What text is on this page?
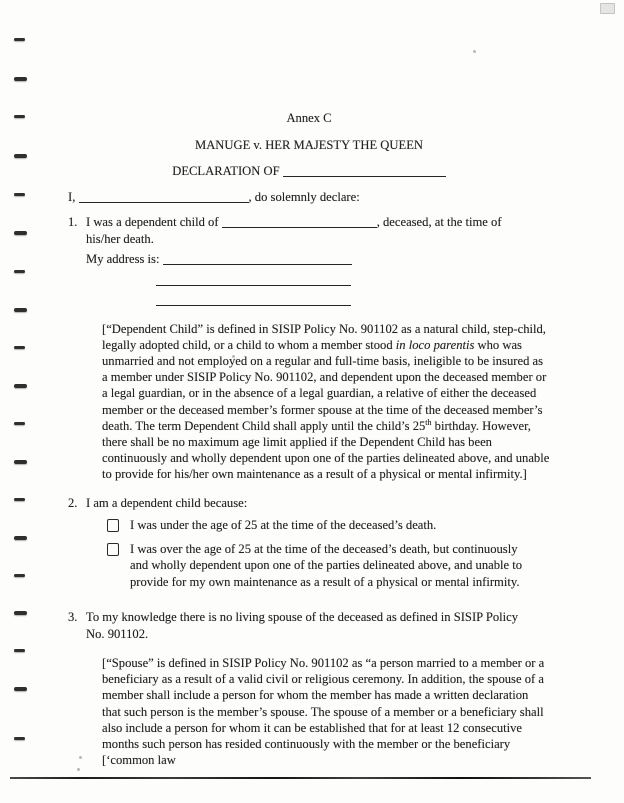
Annex C

MANUGE v. HER MAJESTY THE QUEEN

DECLARATION OF

I,	, do solemnly declare:

1. I was a dependent child of	, deceased, at the time of his/her death.
My address is:

[“Dependent Child” is defined in SISIP Policy No. 901102 as a natural child, step-child, legally adopted child, or a child to whom a member stood in loco parentis who was unmarried and not employed on a regular and full-time basis, ineligible to be insured as a member under SISIP Policy No. 901102, and dependent upon the deceased member or a legal guardian, or in the absence of a legal guardian, a relative of either the deceased member or the deceased member’s former spouse at the time of the deceased member’s death. The term Dependent Child shall apply until the child’s 25th birthday. However, there shall be no maximum age limit applied if the Dependent Child has been continuously and wholly dependent upon one of the parties delineated above, and unable to provide for his/her own maintenance as a result of a physical or mental infirmity.]

2. I am a dependent child because:
I was under the age of 25 at the time of the deceased’s death.
I was over the age of 25 at the time of the deceased’s death, but continuously and wholly dependent upon one of the parties delineated above, and unable to provide for my own maintenance as a result of a physical or mental infirmity.
3. To my knowledge there is no living spouse of the deceased as defined in SISIP Policy No. 901102.

[“Spouse” is defined in SISIP Policy No. 901102 as “a person married to a member or a beneficiary as a result of a valid civil or religious ceremony. In addition, the spouse of a member shall include a person for whom the member has made a written declaration that such person is the member’s spouse. The spouse of a member or a beneficiary shall also include a person for whom it can be established that for at least 12 consecutive months such person has resided continuously with the member or the beneficiary [‘common law
